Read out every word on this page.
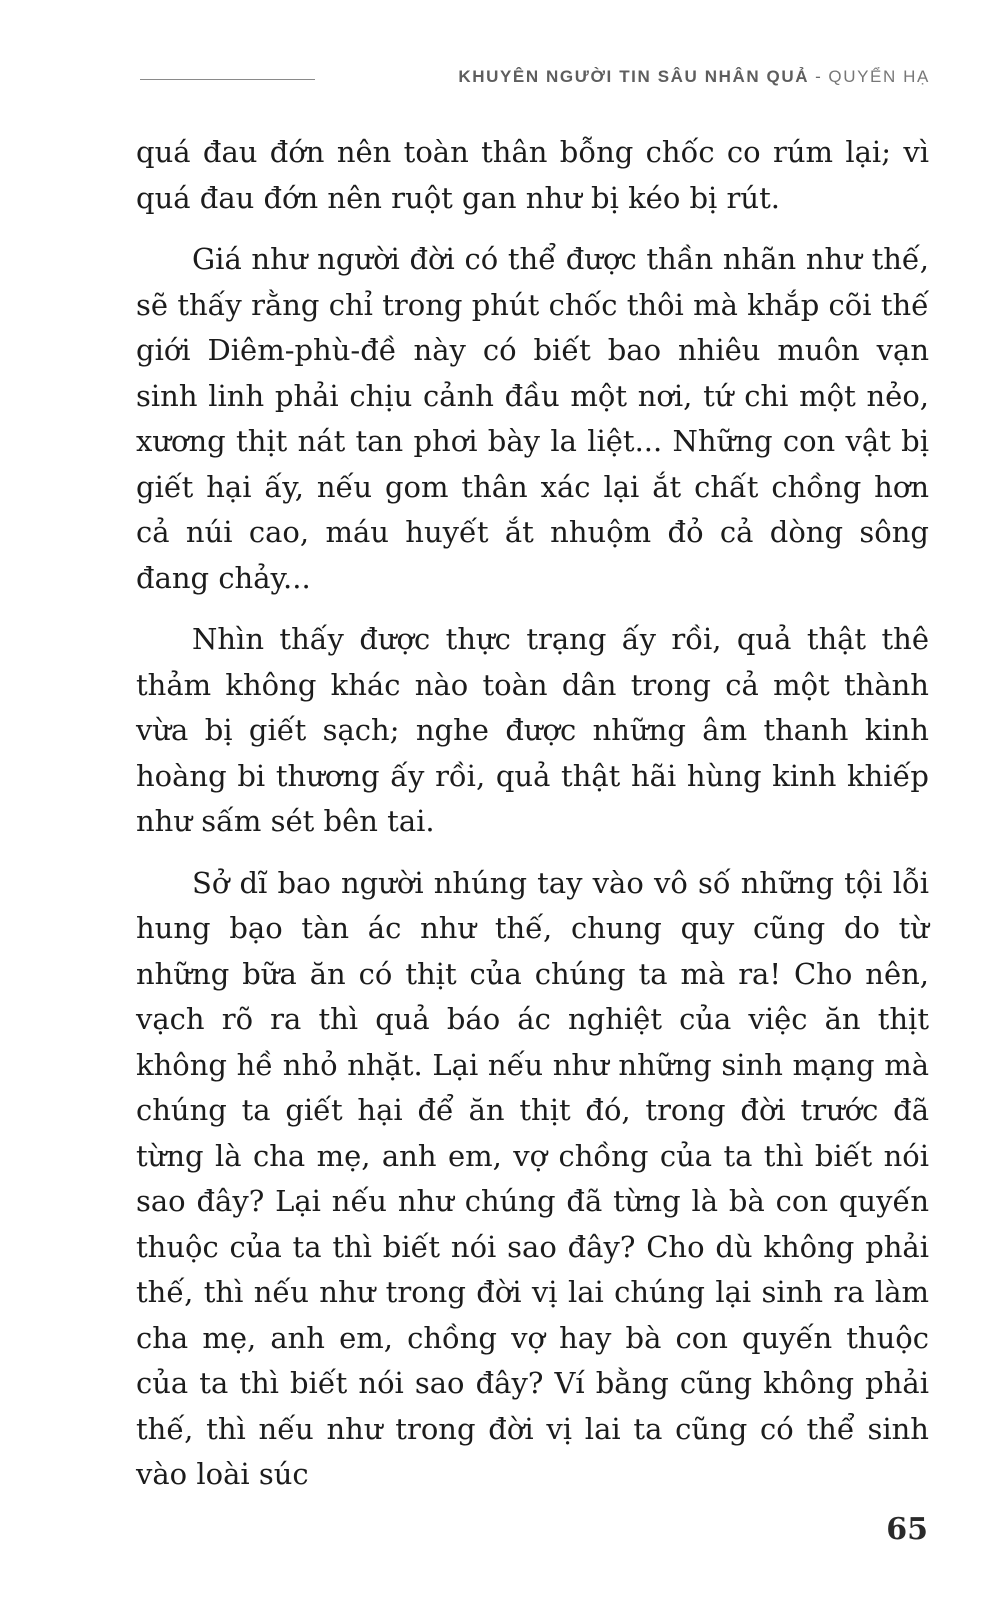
KHUYÊN NGƯỜI TIN SÂU NHÂN QUẢ - QUYỂN HẠ

quá đau đớn nên toàn thân bỗng chốc co rúm lại; vì quá đau đớn nên ruột gan như bị kéo bị rút.

Giá như người đời có thể được thần nhãn như thế, sẽ thấy rằng chỉ trong phút chốc thôi mà khắp cõi thế giới Diêm-phù-đề này có biết bao nhiêu muôn vạn sinh linh phải chịu cảnh đầu một nơi, tứ chi một nẻo, xương thịt nát tan phơi bày la liệt... Những con vật bị giết hại ấy, nếu gom thân xác lại ắt chất chồng hơn cả núi cao, máu huyết ắt nhuộm đỏ cả dòng sông đang chảy...

Nhìn thấy được thực trạng ấy rồi, quả thật thê thảm không khác nào toàn dân trong cả một thành vừa bị giết sạch; nghe được những âm thanh kinh hoàng bi thương ấy rồi, quả thật hãi hùng kinh khiếp như sấm sét bên tai.

Sở dĩ bao người nhúng tay vào vô số những tội lỗi hung bạo tàn ác như thế, chung quy cũng do từ những bữa ăn có thịt của chúng ta mà ra! Cho nên, vạch rõ ra thì quả báo ác nghiệt của việc ăn thịt không hề nhỏ nhặt. Lại nếu như những sinh mạng mà chúng ta giết hại để ăn thịt đó, trong đời trước đã từng là cha mẹ, anh em, vợ chồng của ta thì biết nói sao đây? Lại nếu như chúng đã từng là bà con quyến thuộc của ta thì biết nói sao đây? Cho dù không phải thế, thì nếu như trong đời vị lai chúng lại sinh ra làm cha mẹ, anh em, chồng vợ hay bà con quyến thuộc của ta thì biết nói sao đây? Ví bằng cũng không phải thế, thì nếu như trong đời vị lai ta cũng có thể sinh vào loài súc

65
